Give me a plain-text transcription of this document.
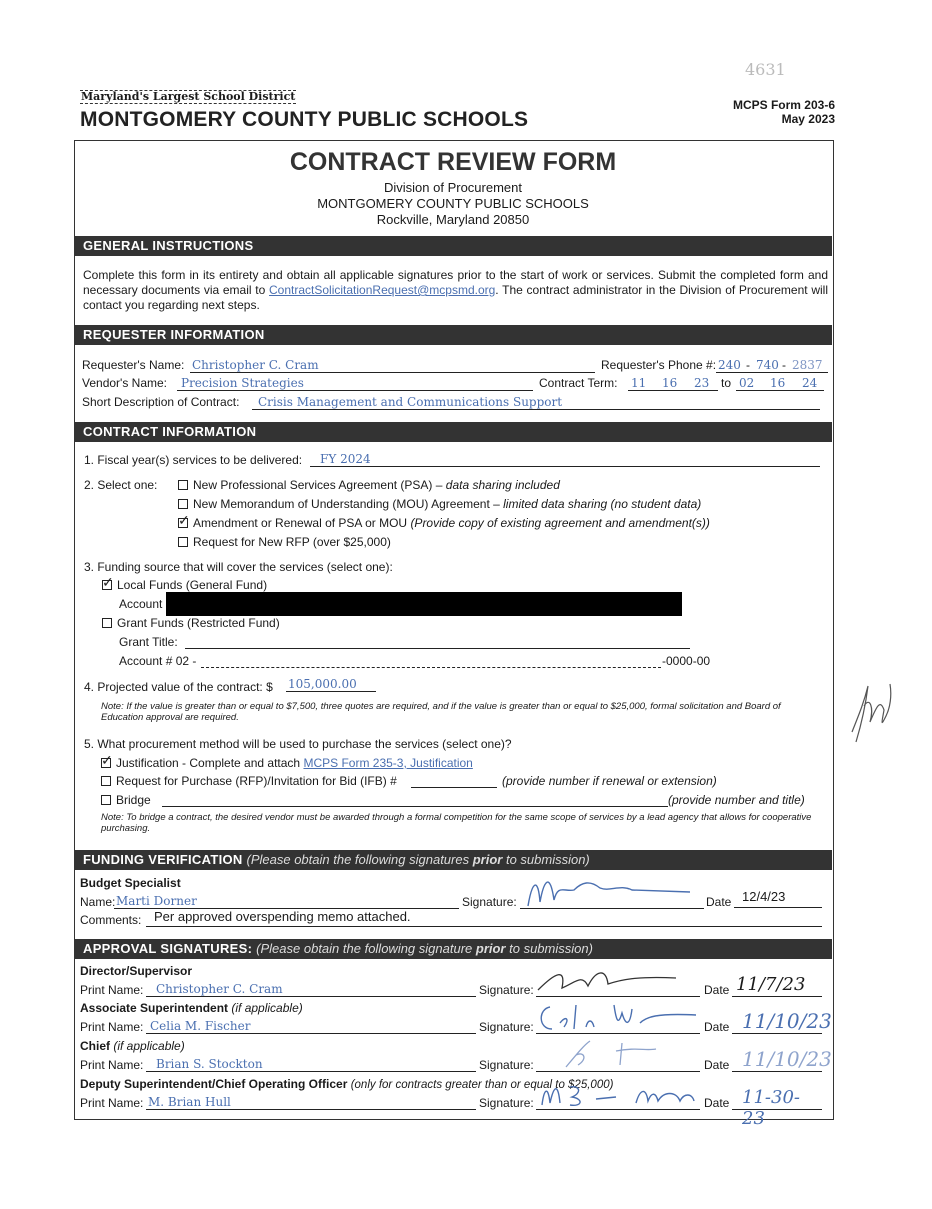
4631
Maryland's Largest School District
MONTGOMERY COUNTY PUBLIC SCHOOLS
MCPS Form 203-6
May 2023
CONTRACT REVIEW FORM
Division of Procurement
MONTGOMERY COUNTY PUBLIC SCHOOLS
Rockville, Maryland 20850
GENERAL INSTRUCTIONS
Complete this form in its entirety and obtain all applicable signatures prior to the start of work or services. Submit the completed form and necessary documents via email to ContractSolicitationRequest@mcpsmd.org. The contract administrator in the Division of Procurement will contact you regarding next steps.
REQUESTER INFORMATION
Requester's Name: Christopher C. Cram	Requester's Phone #: 240 - 740 - 2837
Vendor's Name: Precision Strategies	Contract Term: 11 16 23 to 02 16 24
Short Description of Contract: Crisis Management and Communications Support
CONTRACT INFORMATION
1. Fiscal year(s) services to be delivered: FY 2024
2. Select one:	New Professional Services Agreement (PSA) – data sharing included
New Memorandum of Understanding (MOU) Agreement – limited data sharing (no student data)
✓Amendment or Renewal of PSA or MOU (Provide copy of existing agreement and amendment(s))
Request for New RFP (over $25,000)
3. Funding source that will cover the services (select one):
✓Local Funds (General Fund)
Account
Grant Funds (Restricted Fund)
Grant Title:
Account # 02 -	-0000-00
4. Projected value of the contract: $ 105,000.00
Note: If the value is greater than or equal to $7,500, three quotes are required, and if the value is greater than or equal to $25,000, formal solicitation and Board of Education approval are required.
5. What procurement method will be used to purchase the services (select one)?
✓Justification - Complete and attach MCPS Form 235-3, Justification
Request for Purchase (RFP)/Invitation for Bid (IFB) #	(provide number if renewal or extension)
Bridge	(provide number and title)
Note: To bridge a contract, the desired vendor must be awarded through a formal competition for the same scope of services by a lead agency that allows for cooperative purchasing.
FUNDING VERIFICATION (Please obtain the following signatures prior to submission)
Budget Specialist
Name: Marti Dorner	Signature:	Date 12/4/23
Comments: Per approved overspending memo attached.
APPROVAL SIGNATURES: (Please obtain the following signature prior to submission)
Director/Supervisor
Print Name: Christopher C. Cram	Signature:	Date 11/7/23
Associate Superintendent (if applicable)
Print Name: Celia M. Fischer	Signature:	Date 11/10/23
Chief (if applicable)
Print Name: Brian S. Stockton	Signature:	Date 11/10/23
Deputy Superintendent/Chief Operating Officer (only for contracts greater than or equal to $25,000)
Print Name: M. Brian Hull	Signature:	Date 11-30-23
